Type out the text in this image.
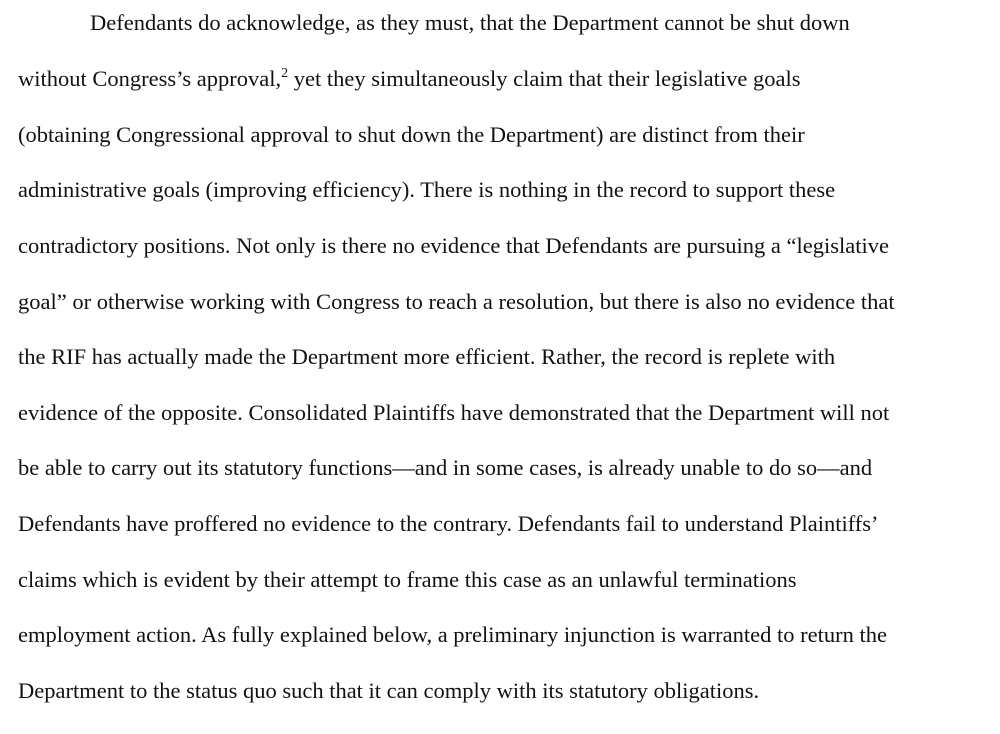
Defendants do acknowledge, as they must, that the Department cannot be shut down

without Congress’s approval,$^2$ yet they simultaneously claim that their legislative goals

(obtaining Congressional approval to shut down the Department) are distinct from their

administrative goals (improving efficiency). There is nothing in the record to support these

contradictory positions. Not only is there no evidence that Defendants are pursuing a “legislative

goal” or otherwise working with Congress to reach a resolution, but there is also no evidence that

the RIF has actually made the Department more efficient. Rather, the record is replete with

evidence of the opposite. Consolidated Plaintiffs have demonstrated that the Department will not

be able to carry out its statutory functions—and in some cases, is already unable to do so—and

Defendants have proffered no evidence to the contrary. Defendants fail to understand Plaintiffs’

claims which is evident by their attempt to frame this case as an unlawful terminations

employment action. As fully explained below, a preliminary injunction is warranted to return the

Department to the status quo such that it can comply with its statutory obligations.
